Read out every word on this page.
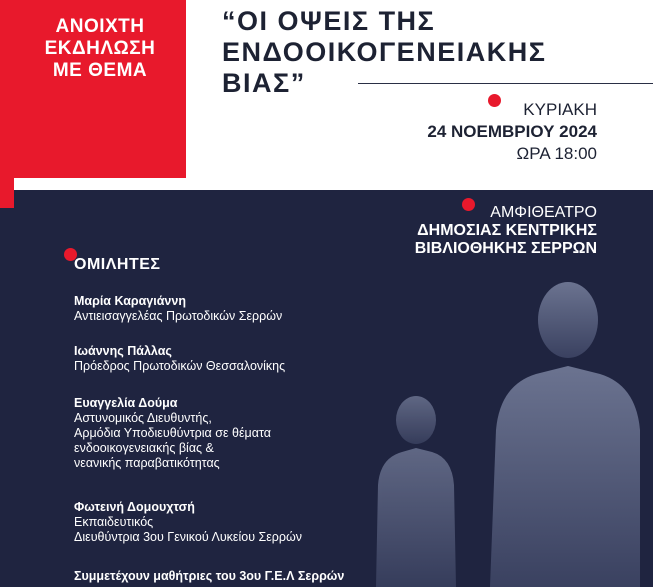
ΑΝΟΙΧΤΗ
ΕΚΔΗΛΩΣΗ
ΜΕ ΘΕΜΑ
“ΟΙ ΟΨΕΙΣ ΤΗΣ
ΕΝΔΟΟΙΚΟΓΕΝΕΙΑΚΗΣ
ΒΙΑΣ”
ΚΥΡΙΑΚΗ
24 ΝΟΕΜΒΡΙΟΥ 2024
ΩΡΑ 18:00
ΑΜΦΙΘΕΑΤΡΟ
ΔΗΜΟΣΙΑΣ ΚΕΝΤΡΙΚΗΣ
ΒΙΒΛΙΟΘΗΚΗΣ ΣΕΡΡΩΝ
ΟΜΙΛΗΤΕΣ
Μαρία Καραγιάννη
Αντιεισαγγελέας Πρωτοδικών Σερρών
Ιωάννης Πάλλας
Πρόεδρος Πρωτοδικών Θεσσαλονίκης
Ευαγγελία Δούμα
Αστυνομικός Διευθυντής,
Αρμόδια Υποδιευθύντρια σε θέματα
ενδοοικογενειακής βίας &
νεανικής παραβατικότητας
Φωτεινή Δομουχτσή
Εκπαιδευτικός
Διευθύντρια 3ου Γενικού Λυκείου Σερρών
Συμμετέχουν μαθήτριες του 3ου Γ.Ε.Λ Σερρών
